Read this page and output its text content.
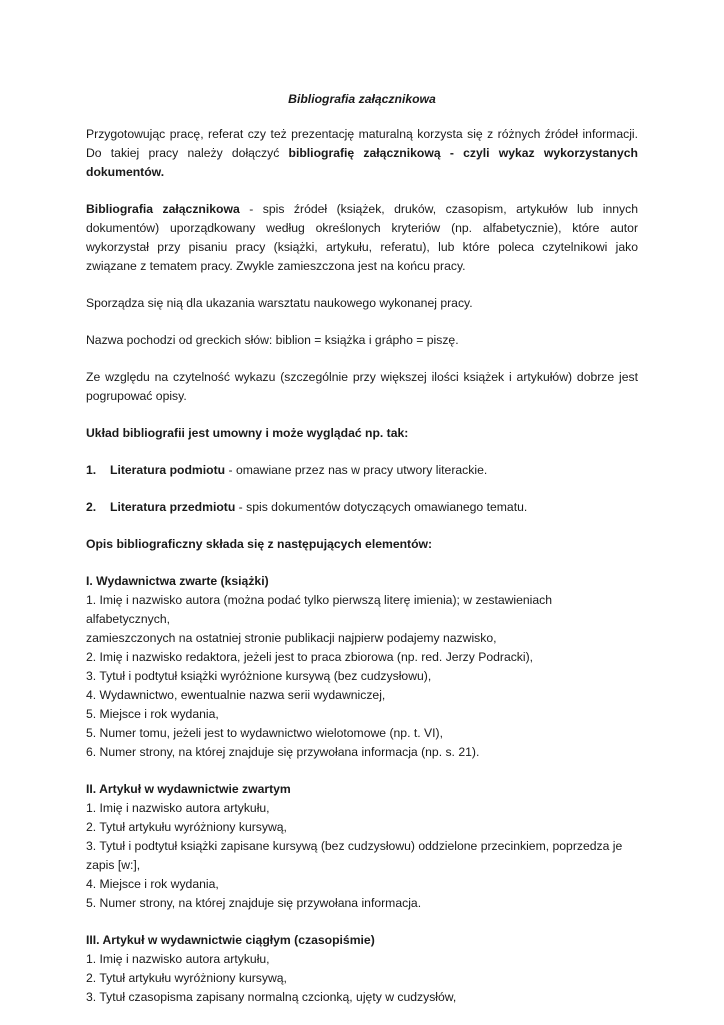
Bibliografia załącznikowa

Przygotowując pracę, referat czy też prezentację maturalną korzysta się z różnych źródeł informacji. Do takiej pracy należy dołączyć bibliografię załącznikową - czyli wykaz wykorzystanych dokumentów.

Bibliografia załącznikowa - spis źródeł (książek, druków, czasopism, artykułów lub innych dokumentów) uporządkowany według określonych kryteriów (np. alfabetycznie), które autor wykorzystał przy pisaniu pracy (książki, artykułu, referatu), lub które poleca czytelnikowi jako związane z tematem pracy. Zwykle zamieszczona jest na końcu pracy.

Sporządza się nią dla ukazania warsztatu naukowego wykonanej pracy.

Nazwa pochodzi od greckich słów: biblion = książka i grápho = piszę.

Ze względu na czytelność wykazu (szczególnie przy większej ilości książek i artykułów) dobrze jest pogrupować opisy.

Układ bibliografii jest umowny i może wyglądać np. tak:

1.	Literatura podmiotu - omawiane przez nas w pracy utwory literackie.
2.	Literatura przedmiotu - spis dokumentów dotyczących omawianego tematu.

Opis bibliograficzny składa się z następujących elementów:

I. Wydawnictwa zwarte (książki)

1. Imię i nazwisko autora (można podać tylko pierwszą literę imienia); w zestawieniach alfabetycznych,

zamieszczonych na ostatniej stronie publikacji najpierw podajemy nazwisko,

2. Imię i nazwisko redaktora, jeżeli jest to praca zbiorowa (np. red. Jerzy Podracki),

3. Tytuł i podtytuł książki wyróżnione kursywą (bez cudzysłowu),

4. Wydawnictwo, ewentualnie nazwa serii wydawniczej,

5. Miejsce i rok wydania,

5. Numer tomu, jeżeli jest to wydawnictwo wielotomowe (np. t. VI),

6. Numer strony, na której znajduje się przywołana informacja (np. s. 21).

II. Artykuł w wydawnictwie zwartym

1. Imię i nazwisko autora artykułu,

2. Tytuł artykułu wyróżniony kursywą,

3. Tytuł i podtytuł książki zapisane kursywą (bez cudzysłowu) oddzielone przecinkiem, poprzedza je zapis [w:],

4. Miejsce i rok wydania,

5. Numer strony, na której znajduje się przywołana informacja.

III. Artykuł w wydawnictwie ciągłym (czasopiśmie)

1. Imię i nazwisko autora artykułu,

2. Tytuł artykułu wyróżniony kursywą,

3. Tytuł czasopisma zapisany normalną czcionką, ujęty w cudzysłów,
